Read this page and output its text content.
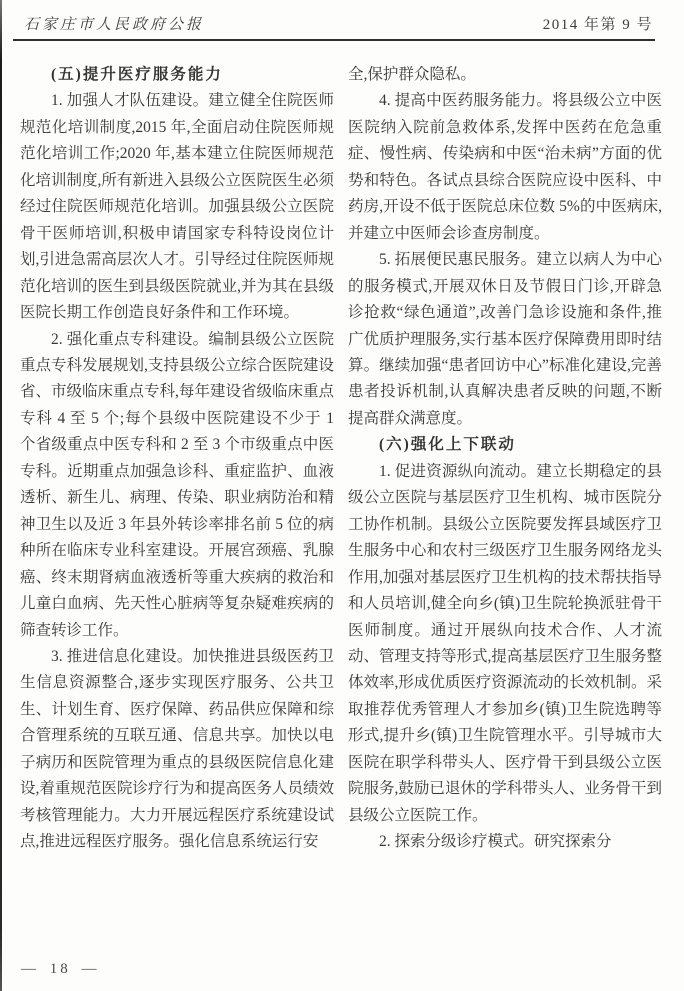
石家庄市人民政府公报	2014 年第 9 号

(五)提升医疗服务能力

1. 加强人才队伍建设。建立健全住院医师规范化培训制度,2015 年,全面启动住院医师规范化培训工作;2020 年,基本建立住院医师规范化培训制度,所有新进入县级公立医院医生必须经过住院医师规范化培训。加强县级公立医院骨干医师培训,积极申请国家专科特设岗位计划,引进急需高层次人才。引导经过住院医师规范化培训的医生到县级医院就业,并为其在县级医院长期工作创造良好条件和工作环境。

2. 强化重点专科建设。编制县级公立医院重点专科发展规划,支持县级公立综合医院建设省、市级临床重点专科,每年建设省级临床重点专科 4 至 5 个;每个县级中医院建设不少于 1 个省级重点中医专科和 2 至 3 个市级重点中医专科。近期重点加强急诊科、重症监护、血液透析、新生儿、病理、传染、职业病防治和精神卫生以及近 3 年县外转诊率排名前 5 位的病种所在临床专业科室建设。开展宫颈癌、乳腺癌、终末期肾病血液透析等重大疾病的救治和儿童白血病、先天性心脏病等复杂疑难疾病的筛查转诊工作。

3. 推进信息化建设。加快推进县级医药卫生信息资源整合,逐步实现医疗服务、公共卫生、计划生育、医疗保障、药品供应保障和综合管理系统的互联互通、信息共享。加快以电子病历和医院管理为重点的县级医院信息化建设,着重规范医院诊疗行为和提高医务人员绩效考核管理能力。大力开展远程医疗系统建设试点,推进远程医疗服务。强化信息系统运行安

全,保护群众隐私。

4. 提高中医药服务能力。将县级公立中医医院纳入院前急救体系,发挥中医药在危急重症、慢性病、传染病和中医“治未病”方面的优势和特色。各试点县综合医院应设中医科、中药房,开设不低于医院总床位数 5%的中医病床,并建立中医师会诊查房制度。

5. 拓展便民惠民服务。建立以病人为中心的服务模式,开展双休日及节假日门诊,开辟急诊抢救“绿色通道”,改善门急诊设施和条件,推广优质护理服务,实行基本医疗保障费用即时结算。继续加强“患者回访中心”标准化建设,完善患者投诉机制,认真解决患者反映的问题,不断提高群众满意度。

(六)强化上下联动

1. 促进资源纵向流动。建立长期稳定的县级公立医院与基层医疗卫生机构、城市医院分工协作机制。县级公立医院要发挥县域医疗卫生服务中心和农村三级医疗卫生服务网络龙头作用,加强对基层医疗卫生机构的技术帮扶指导和人员培训,健全向乡(镇)卫生院轮换派驻骨干医师制度。通过开展纵向技术合作、人才流动、管理支持等形式,提高基层医疗卫生服务整体效率,形成优质医疗资源流动的长效机制。采取推荐优秀管理人才参加乡(镇)卫生院选聘等形式,提升乡(镇)卫生院管理水平。引导城市大医院在职学科带头人、医疗骨干到县级公立医院服务,鼓励已退休的学科带头人、业务骨干到县级公立医院工作。

2. 探索分级诊疗模式。研究探索分

— 18 —
